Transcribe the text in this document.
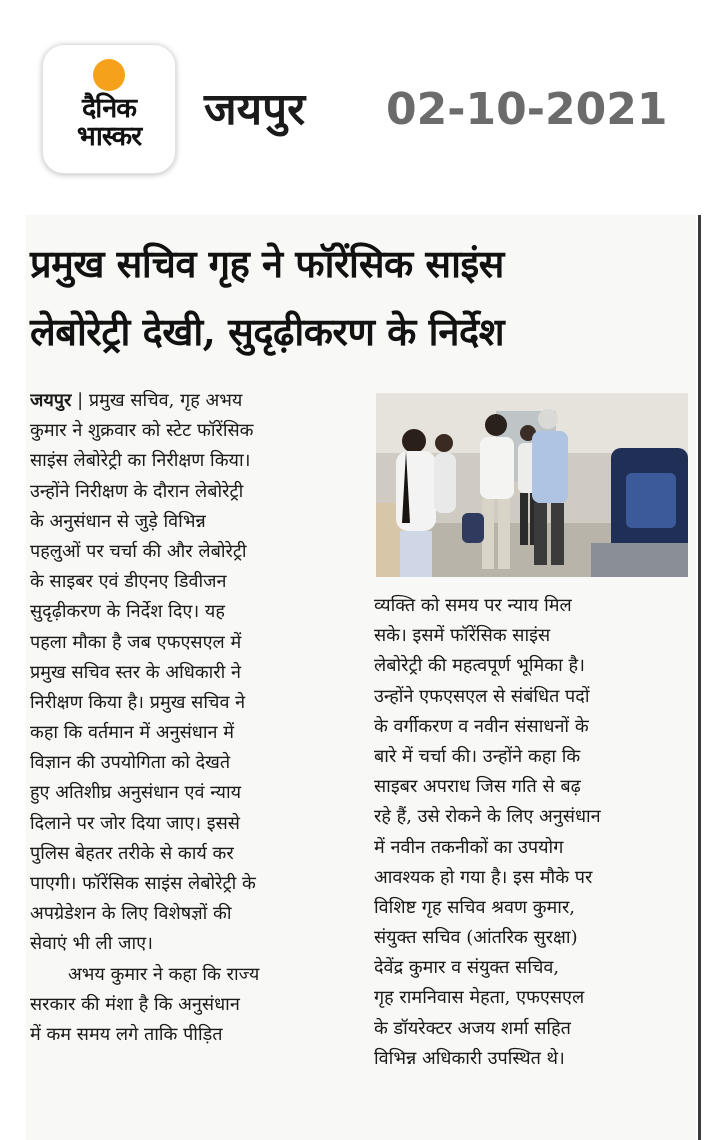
दैनिक
भास्कर
जयपुर 02-10-2021
प्रमुख सचिव गृह ने फॉरेंसिक साइंस
लेबोरेट्री देखी, सुदृढ़ीकरण के निर्देश
जयपुर | प्रमुख सचिव, गृह अभय
कुमार ने शुक्रवार को स्टेट फॉरेंसिक
साइंस लेबोरेट्री का निरीक्षण किया।
उन्होंने निरीक्षण के दौरान लेबोरेट्री
के अनुसंधान से जुड़े विभिन्न
पहलुओं पर चर्चा की और लेबोरेट्री
के साइबर एवं डीएनए डिवीजन
सुदृढ़ीकरण के निर्देश दिए। यह
पहला मौका है जब एफएसएल में
प्रमुख सचिव स्तर के अधिकारी ने
निरीक्षण किया है। प्रमुख सचिव ने
कहा कि वर्तमान में अनुसंधान में
विज्ञान की उपयोगिता को देखते
हुए अतिशीघ्र अनुसंधान एवं न्याय
दिलाने पर जोर दिया जाए। इससे
पुलिस बेहतर तरीके से कार्य कर
पाएगी। फॉरेंसिक साइंस लेबोरेट्री के
अपग्रेडेशन के लिए विशेषज्ञों की
सेवाएं भी ली जाए।
अभय कुमार ने कहा कि राज्य
सरकार की मंशा है कि अनुसंधान
में कम समय लगे ताकि पीड़ित
व्यक्ति को समय पर न्याय मिल
सके। इसमें फॉरेंसिक साइंस
लेबोरेट्री की महत्वपूर्ण भूमिका है।
उन्होंने एफएसएल से संबंधित पदों
के वर्गीकरण व नवीन संसाधनों के
बारे में चर्चा की। उन्होंने कहा कि
साइबर अपराध जिस गति से बढ़
रहे हैं, उसे रोकने के लिए अनुसंधान
में नवीन तकनीकों का उपयोग
आवश्यक हो गया है। इस मौके पर
विशिष्ट गृह सचिव श्रवण कुमार,
संयुक्त सचिव (आंतरिक सुरक्षा)
देवेंद्र कुमार व संयुक्त सचिव,
गृह रामनिवास मेहता, एफएसएल
के डॉयरेक्टर अजय शर्मा सहित
विभिन्न अधिकारी उपस्थित थे।
